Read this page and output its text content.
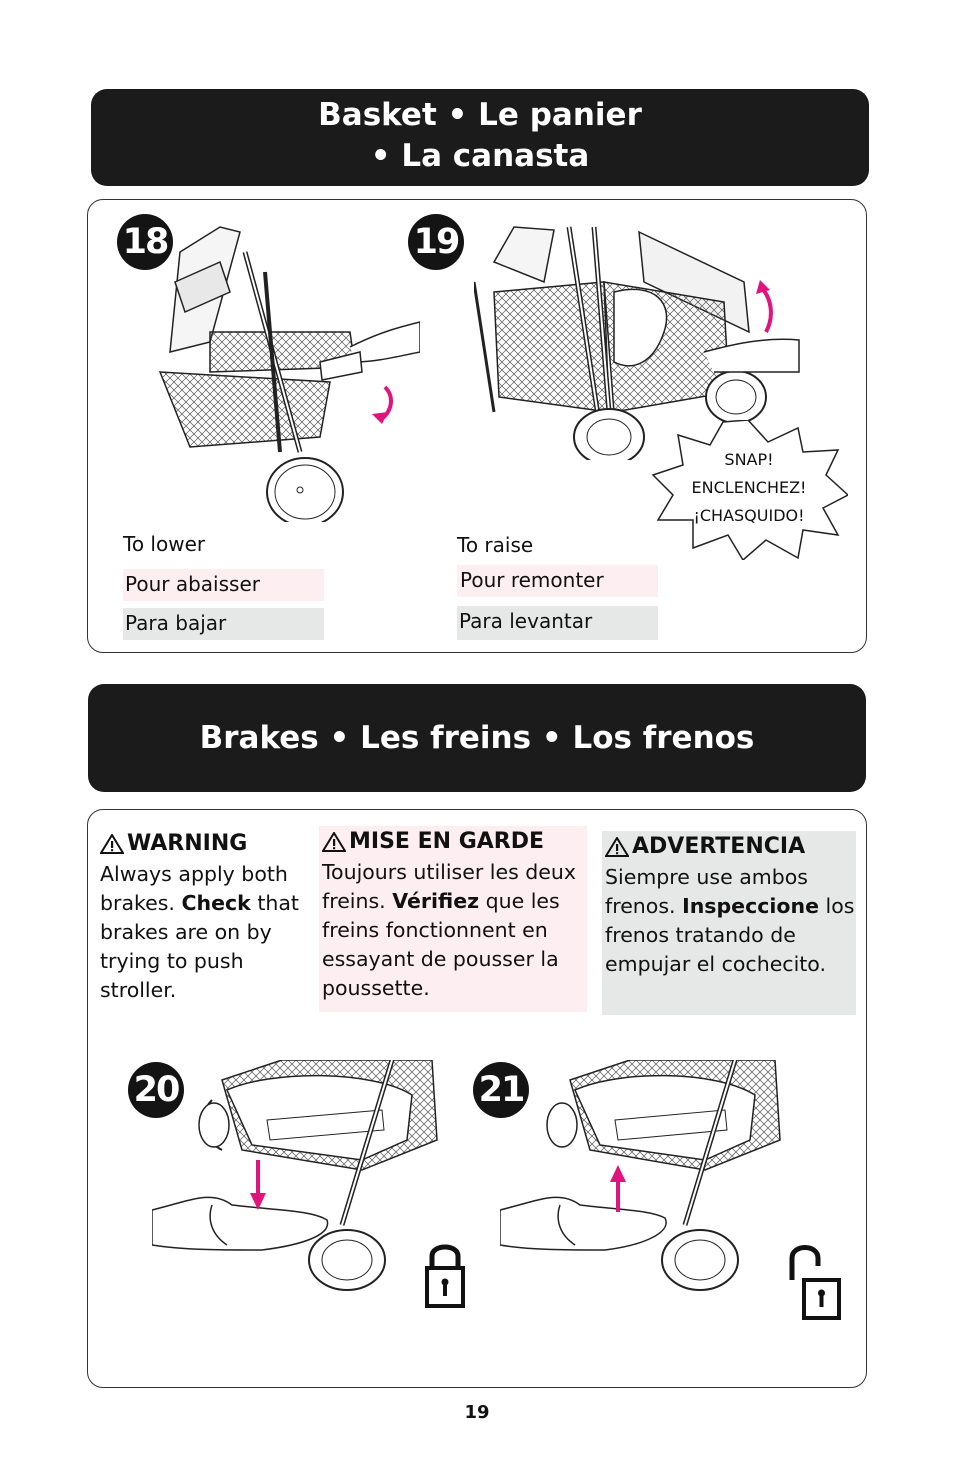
Basket • Le panier
• La canasta
18
To lower
Pour abaisser
Para bajar
19
SNAP!
ENCLENCHEZ!
¡CHASQUIDO!
To raise
Pour remonter
Para levantar
Brakes • Les freins • Los frenos
WARNING
Always apply both brakes. Check that brakes are on by trying to push stroller.
MISE EN GARDE
Toujours utiliser les deux freins. Vérifiez que les freins fonctionnent en essayant de pousser la poussette.
ADVERTENCIA
Siempre use ambos frenos. Inspeccione los frenos tratando de empujar el cochecito.
20	21
19
